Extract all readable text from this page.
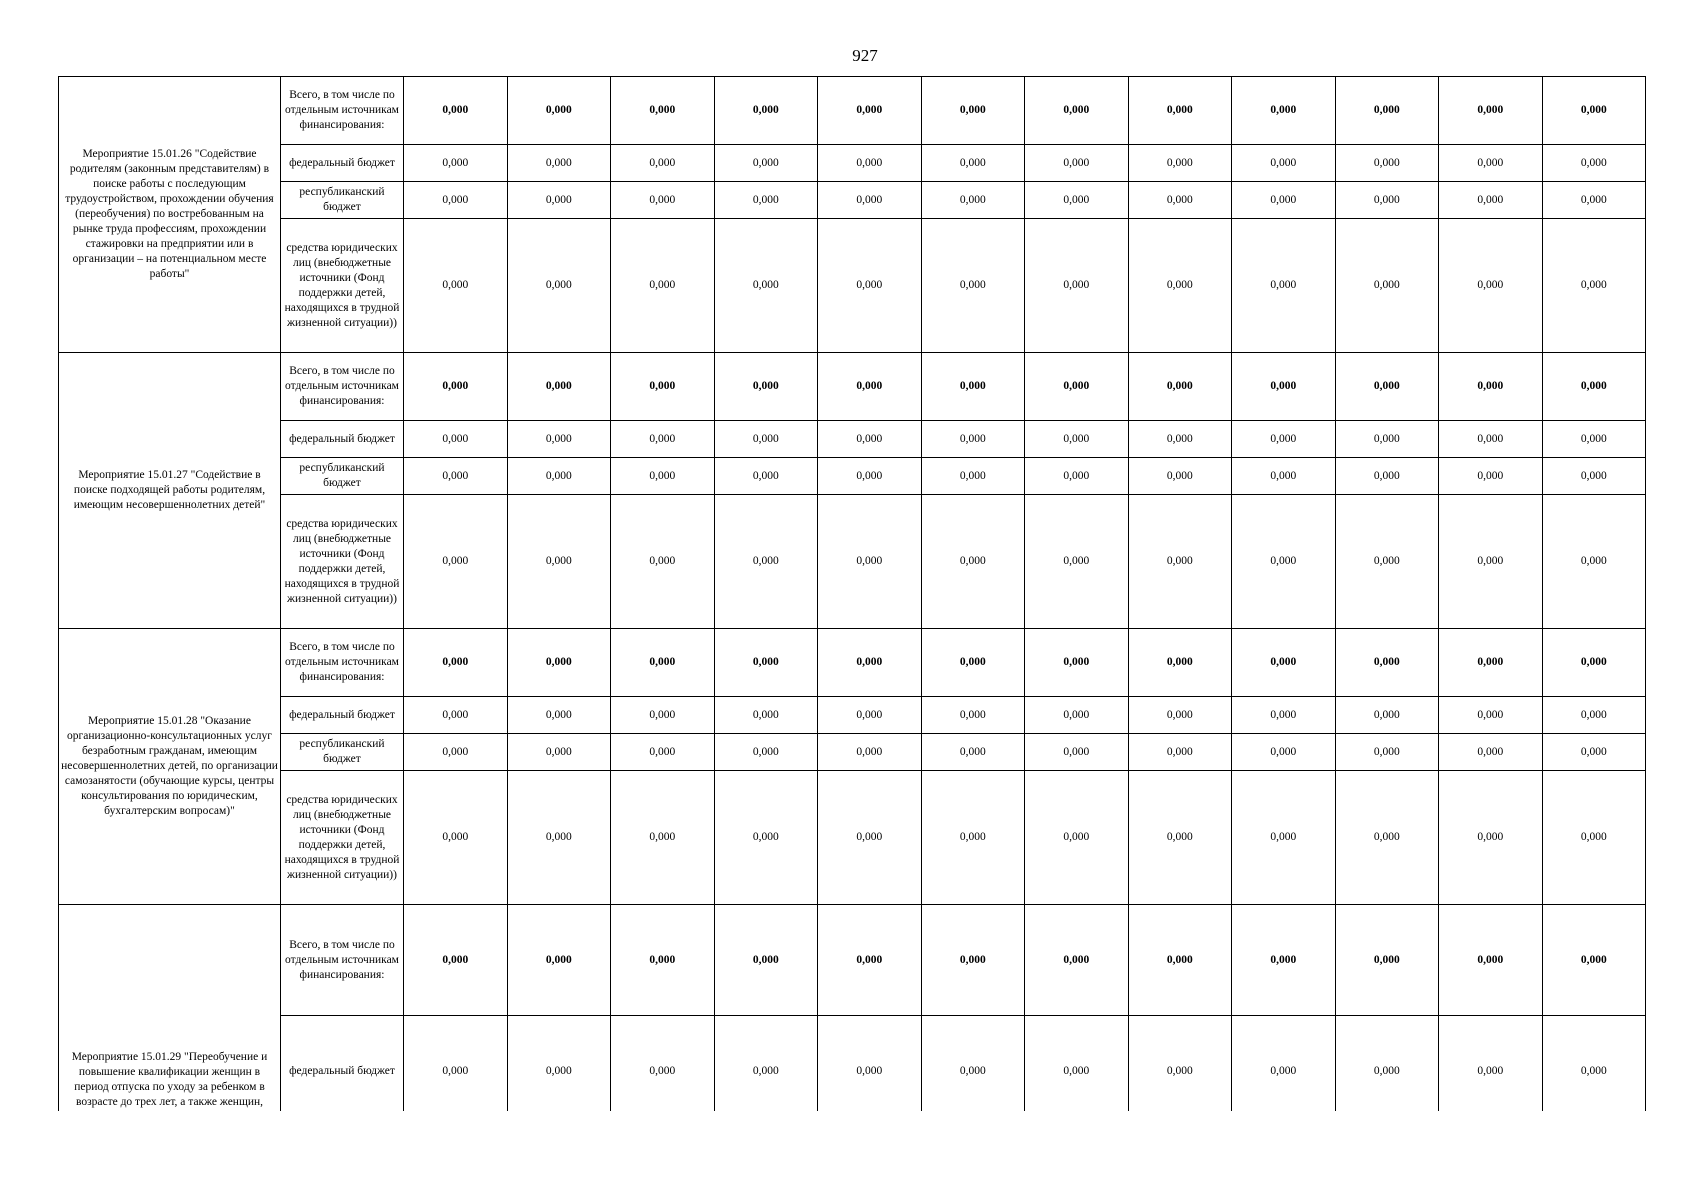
927
Мероприятие 15.01.26 "Содействие родителям (законным представителям) в поиске работы с последующим трудоустройством, прохождении обучения (переобучения) по востребованным на рынке труда профессиям, прохождении стажировки на предприятии или в организации – на потенциальном месте работы"	Всего, в том числе по отдельным источникам финансирования:	0,000	0,000	0,000	0,000	0,000	0,000	0,000	0,000	0,000	0,000	0,000	0,000
	федеральный бюджет	0,000	0,000	0,000	0,000	0,000	0,000	0,000	0,000	0,000	0,000	0,000	0,000
	республиканский бюджет	0,000	0,000	0,000	0,000	0,000	0,000	0,000	0,000	0,000	0,000	0,000	0,000
	средства юридических лиц (внебюджетные источники (Фонд поддержки детей, находящихся в трудной жизненной ситуации))	0,000	0,000	0,000	0,000	0,000	0,000	0,000	0,000	0,000	0,000	0,000	0,000
Мероприятие 15.01.27 "Содействие в поиске подходящей работы родителям, имеющим несовершеннолетних детей"	Всего, в том числе по отдельным источникам финансирования:	0,000	0,000	0,000	0,000	0,000	0,000	0,000	0,000	0,000	0,000	0,000	0,000
	федеральный бюджет	0,000	0,000	0,000	0,000	0,000	0,000	0,000	0,000	0,000	0,000	0,000	0,000
	республиканский бюджет	0,000	0,000	0,000	0,000	0,000	0,000	0,000	0,000	0,000	0,000	0,000	0,000
	средства юридических лиц (внебюджетные источники (Фонд поддержки детей, находящихся в трудной жизненной ситуации))	0,000	0,000	0,000	0,000	0,000	0,000	0,000	0,000	0,000	0,000	0,000	0,000
Мероприятие 15.01.28 "Оказание организационно-консультационных услуг безработным гражданам, имеющим несовершеннолетних детей, по организации самозанятости (обучающие курсы, центры консультирования по юридическим, бухгалтерским вопросам)"	Всего, в том числе по отдельным источникам финансирования:	0,000	0,000	0,000	0,000	0,000	0,000	0,000	0,000	0,000	0,000	0,000	0,000
	федеральный бюджет	0,000	0,000	0,000	0,000	0,000	0,000	0,000	0,000	0,000	0,000	0,000	0,000
	республиканский бюджет	0,000	0,000	0,000	0,000	0,000	0,000	0,000	0,000	0,000	0,000	0,000	0,000
	средства юридических лиц (внебюджетные источники (Фонд поддержки детей, находящихся в трудной жизненной ситуации))	0,000	0,000	0,000	0,000	0,000	0,000	0,000	0,000	0,000	0,000	0,000	0,000
Мероприятие 15.01.29 "Переобучение и повышение квалификации женщин в период отпуска по уходу за ребенком в возрасте до трех лет, а также женщин,	Всего, в том числе по отдельным источникам финансирования:	0,000	0,000	0,000	0,000	0,000	0,000	0,000	0,000	0,000	0,000	0,000	0,000
	федеральный бюджет	0,000	0,000	0,000	0,000	0,000	0,000	0,000	0,000	0,000	0,000	0,000	0,000
